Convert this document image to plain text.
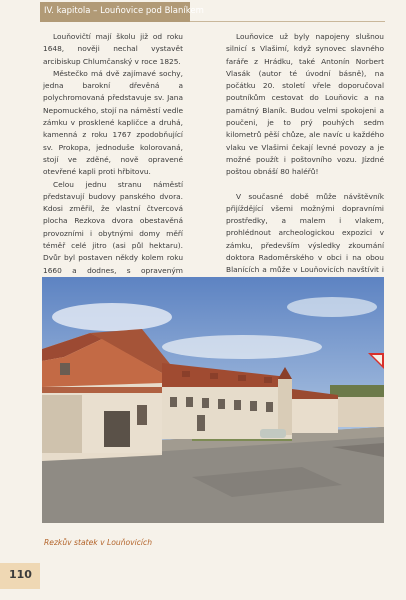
IV. kapitola – Louňovice pod Blaníkem

Louňovičtí mají školu již od roku 1648, nověji nechal vystavět arcibiskup Chlumčanský v roce 1825.

Městečko má dvě zajímavé sochy, jedna barokní dřevěná a polychromovaná představuje sv. Jana Nepomuckého, stojí na náměstí vedle zámku v prosklené kapličce a druhá, kamenná z roku 1767 zpodobňující sv. Prokopa, jednoduše kolorovaná, stojí ve zděné, nově opravené otevřené kapli proti hřbitovu.

Celou jednu stranu náměstí představují budovy panského dvora. Kdosi změřil, že vlastní čtvercová plocha Rezkova dvora obestavěná provozními i obytnými domy měří téměř celé jitro (asi půl hektaru). Dvůr byl postaven někdy kolem roku 1660 a dodnes, s opraveným

Louňovice už byly napojeny slušnou silnicí s Vlašimí, když synovec slavného faráře z Hrádku, také Antonín Norbert Vlasák (autor té úvodní básně), na počátku 20. století vřele doporučoval poutníkům cestovat do Louňovic a na památný Blaník. Budou velmi spokojeni a poučeni, je to prý pouhých sedm kilometrů pěší chůze, ale navíc u každého vlaku ve Vlašimi čekají levné povozy a je možné použít i poštovního vozu. Jízdné poštou obnáší 80 haléřů!

V současné době může návštěvník přijíždějící všemi možnými dopravními prostředky, a malem i vlakem, prohlédnout archeologickou expozici v zámku, především výsledky zkoumání doktora Radoměrského v obci i na obou Blanících a může v Louňovicích navštívit i

Rezkův statek v Louňovicích
110
